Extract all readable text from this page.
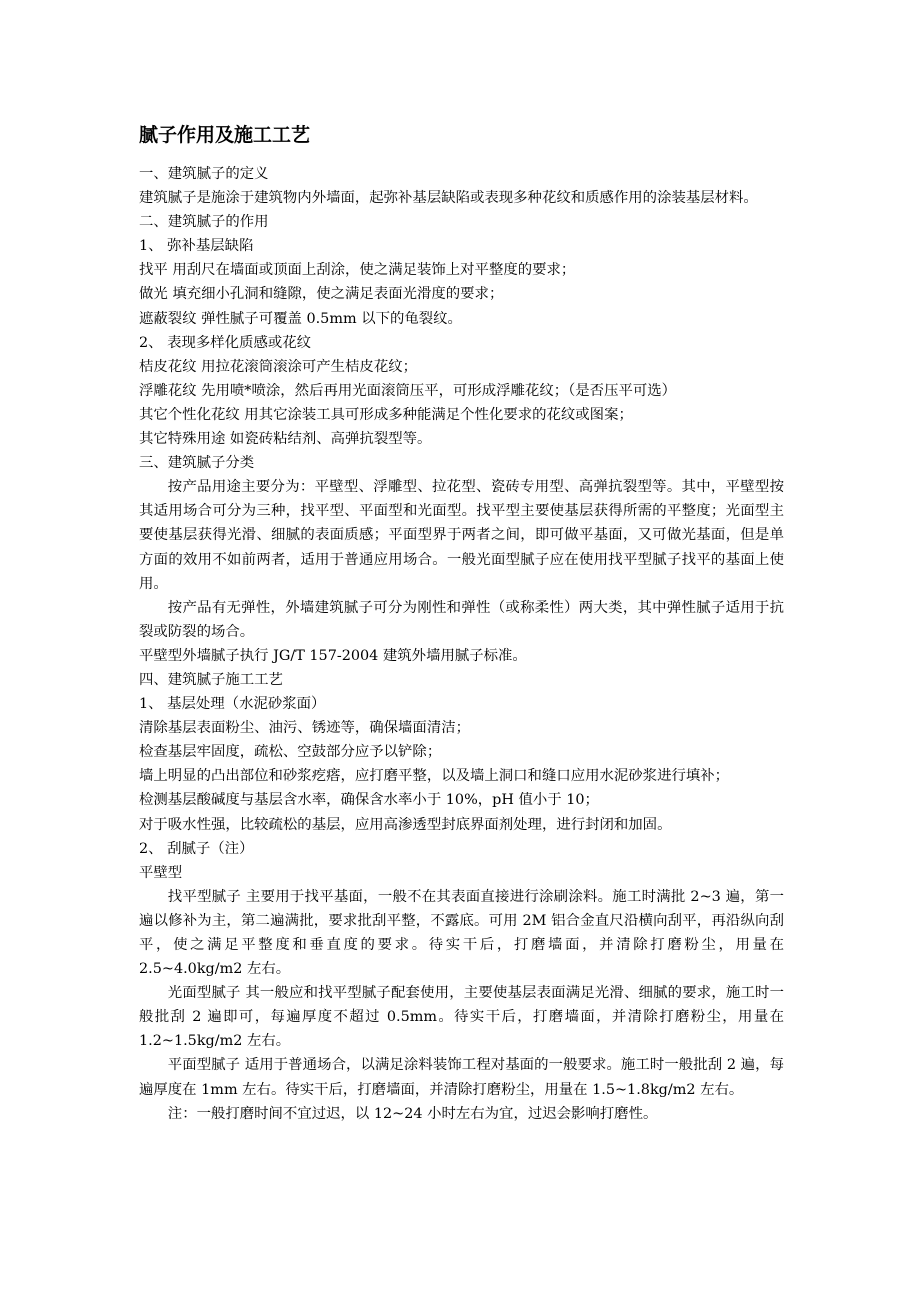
腻子作用及施工工艺

一、建筑腻子的定义

建筑腻子是施涂于建筑物内外墙面，起弥补基层缺陷或表现多种花纹和质感作用的涂装基层材料。

二、建筑腻子的作用

1、 弥补基层缺陷

找平 用刮尺在墙面或顶面上刮涂，使之满足装饰上对平整度的要求；

做光 填充细小孔洞和缝隙，使之满足表面光滑度的要求；

遮蔽裂纹 弹性腻子可覆盖 0.5mm 以下的龟裂纹。

2、 表现多样化质感或花纹

桔皮花纹 用拉花滚筒滚涂可产生桔皮花纹；

浮雕花纹 先用喷*喷涂，然后再用光面滚筒压平，可形成浮雕花纹；（是否压平可选）

其它个性化花纹 用其它涂装工具可形成多种能满足个性化要求的花纹或图案；

其它特殊用途 如瓷砖粘结剂、高弹抗裂型等。

三、建筑腻子分类

按产品用途主要分为：平壁型、浮雕型、拉花型、瓷砖专用型、高弹抗裂型等。其中，平壁型按其适用场合可分为三种，找平型、平面型和光面型。找平型主要使基层获得所需的平整度；光面型主要使基层获得光滑、细腻的表面质感；平面型界于两者之间，即可做平基面，又可做光基面，但是单方面的效用不如前两者，适用于普通应用场合。一般光面型腻子应在使用找平型腻子找平的基面上使用。

按产品有无弹性，外墙建筑腻子可分为刚性和弹性（或称柔性）两大类，其中弹性腻子适用于抗裂或防裂的场合。

平壁型外墙腻子执行 JG/T 157-2004 建筑外墙用腻子标准。

四、建筑腻子施工工艺

1、 基层处理（水泥砂浆面）

清除基层表面粉尘、油污、锈迹等，确保墙面清洁；

检查基层牢固度，疏松、空鼓部分应予以铲除；

墙上明显的凸出部位和砂浆疙瘩，应打磨平整，以及墙上洞口和缝口应用水泥砂浆进行填补；

检测基层酸碱度与基层含水率，确保含水率小于 10%，pH 值小于 10；

对于吸水性强，比较疏松的基层，应用高渗透型封底界面剂处理，进行封闭和加固。

2、 刮腻子（注）

平壁型

找平型腻子 主要用于找平基面，一般不在其表面直接进行涂刷涂料。施工时满批 2~3 遍，第一遍以修补为主，第二遍满批，要求批刮平整，不露底。可用 2M 铝合金直尺沿横向刮平，再沿纵向刮平，使之满足平整度和垂直度的要求。待实干后，打磨墙面，并清除打磨粉尘，用量在 2.5~4.0kg/m2 左右。

光面型腻子 其一般应和找平型腻子配套使用，主要使基层表面满足光滑、细腻的要求，施工时一般批刮 2 遍即可，每遍厚度不超过 0.5mm。待实干后，打磨墙面，并清除打磨粉尘，用量在 1.2~1.5kg/m2 左右。

平面型腻子 适用于普通场合，以满足涂料装饰工程对基面的一般要求。施工时一般批刮 2 遍，每遍厚度在 1mm 左右。待实干后，打磨墙面，并清除打磨粉尘，用量在 1.5~1.8kg/m2 左右。

注：一般打磨时间不宜过迟，以 12~24 小时左右为宜，过迟会影响打磨性。
